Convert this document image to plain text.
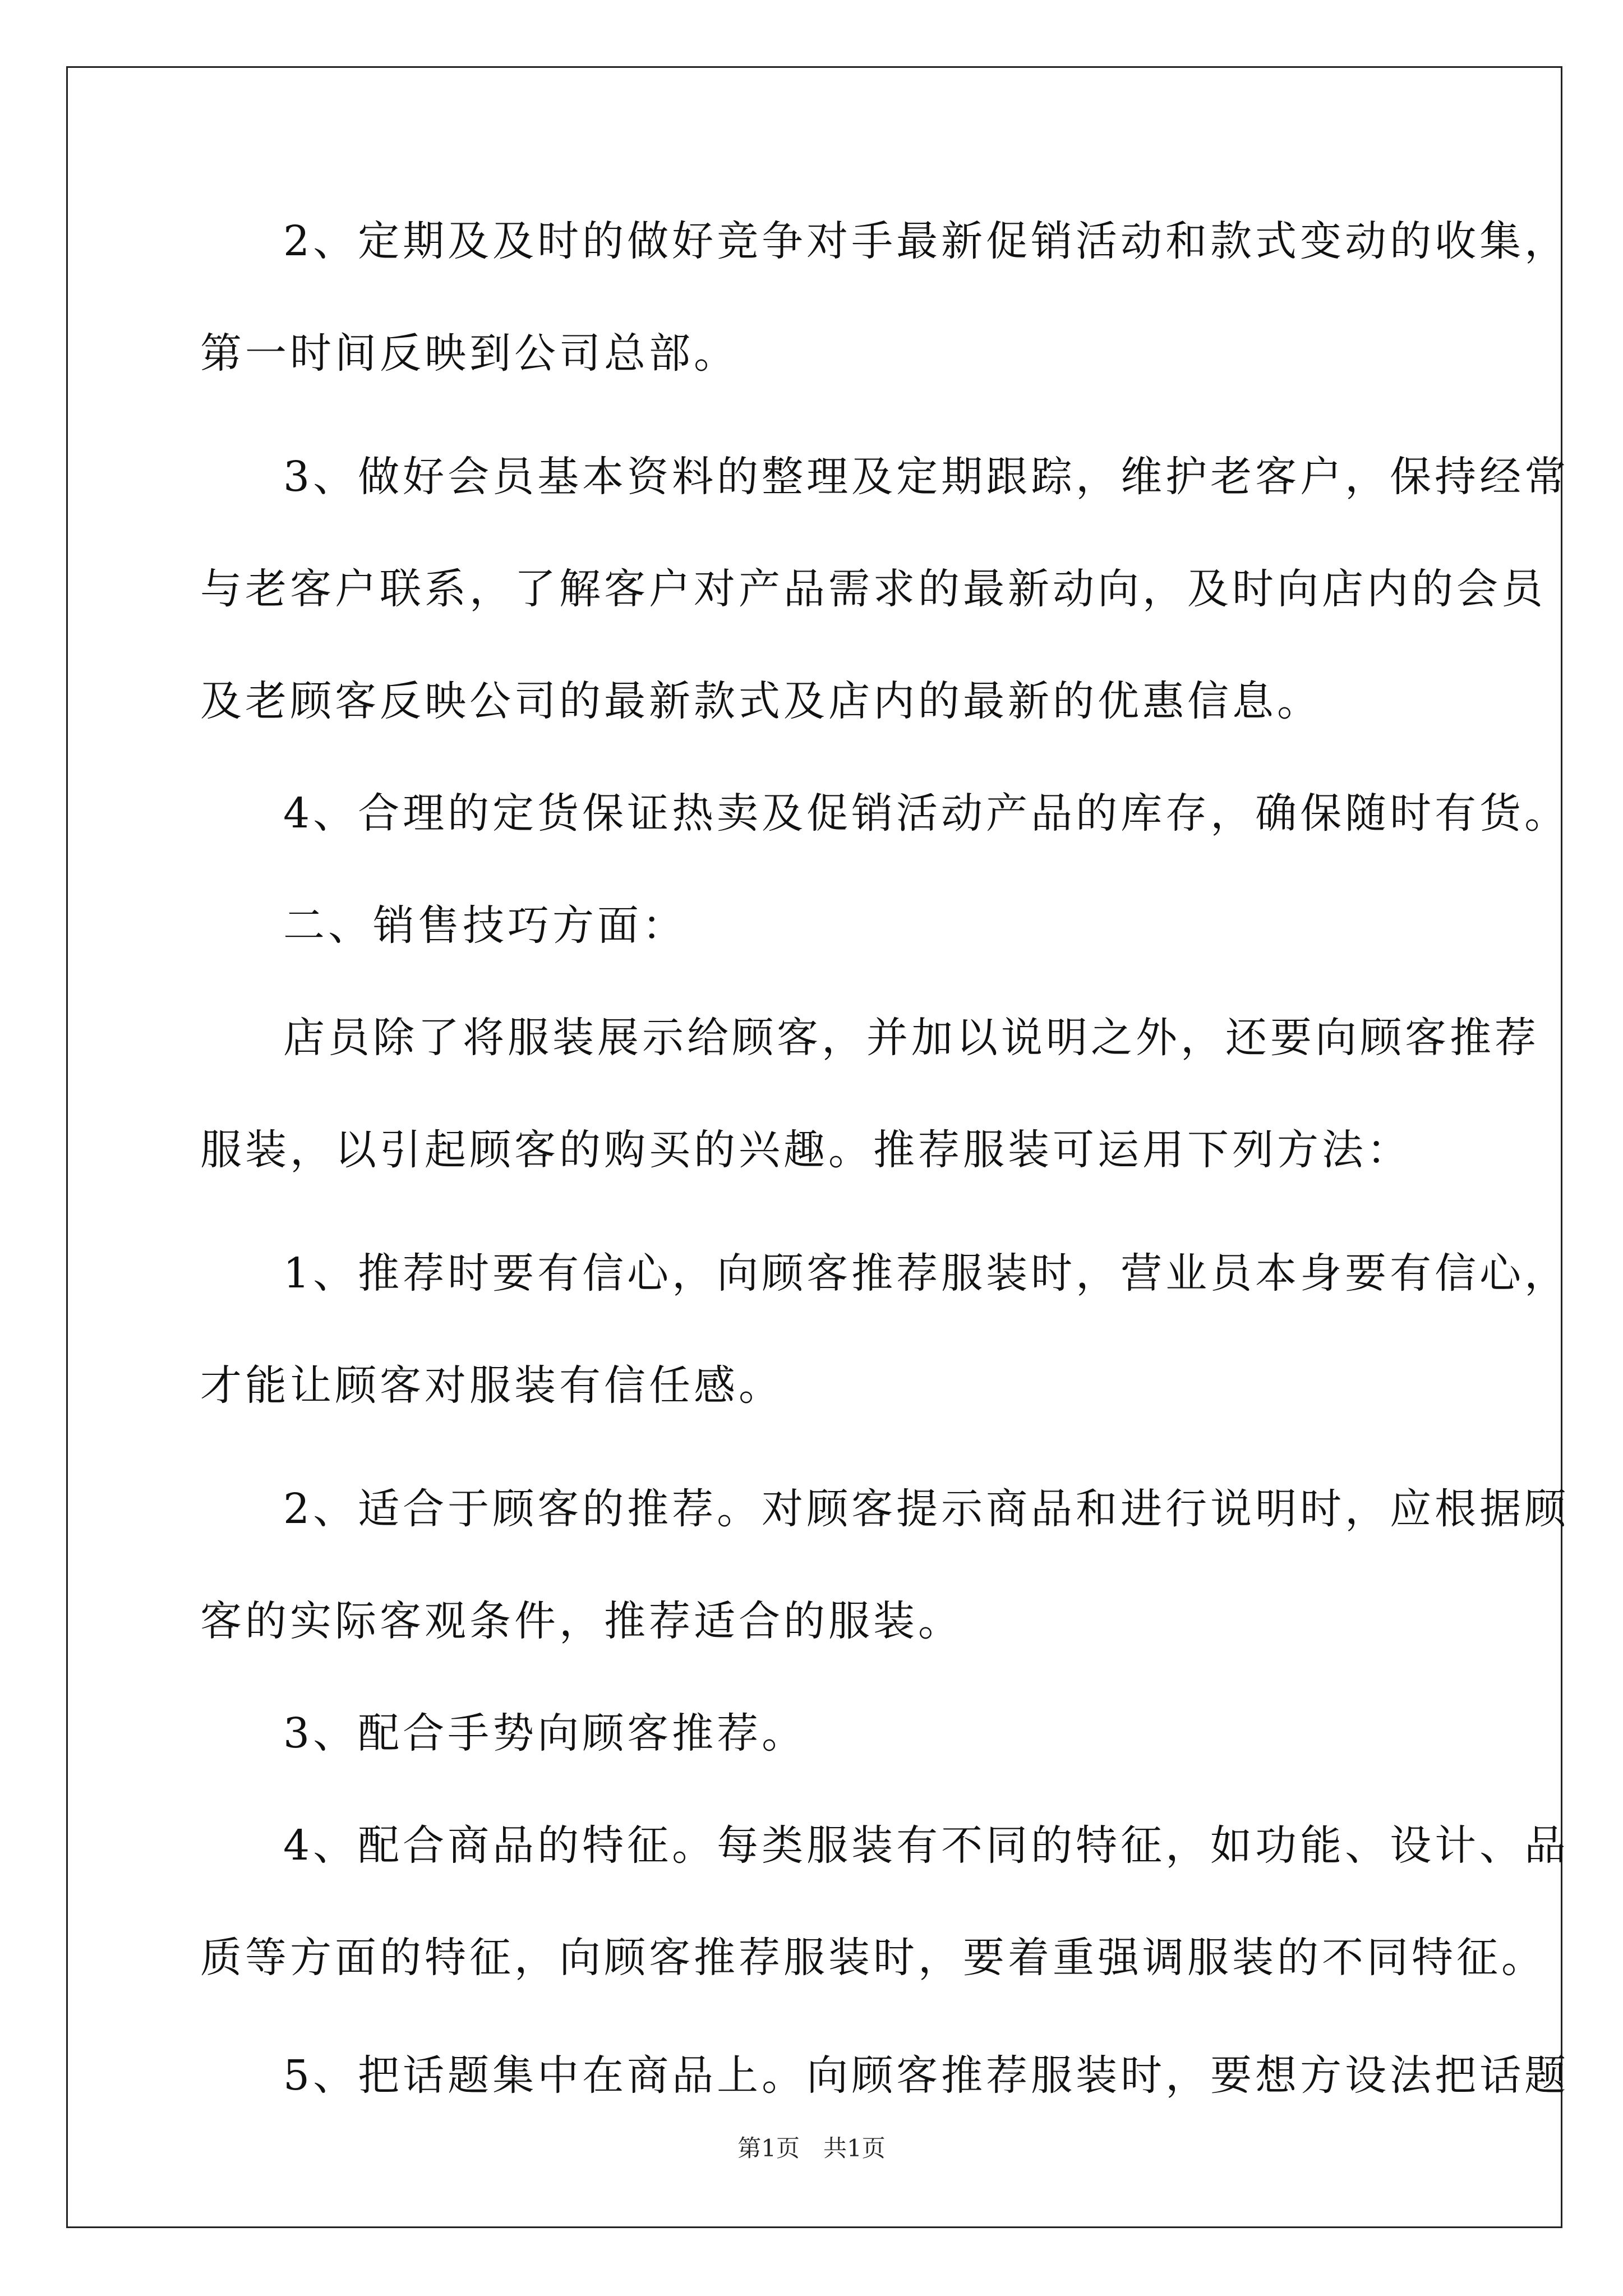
2、定期及及时的做好竞争对手最新促销活动和款式变动的收集，
第一时间反映到公司总部。
3、做好会员基本资料的整理及定期跟踪，维护老客户，保持经常
与老客户联系，了解客户对产品需求的最新动向，及时向店内的会员
及老顾客反映公司的最新款式及店内的最新的优惠信息。
4、合理的定货保证热卖及促销活动产品的库存，确保随时有货。
二、销售技巧方面：
店员除了将服装展示给顾客，并加以说明之外，还要向顾客推荐
服装，以引起顾客的购买的兴趣。推荐服装可运用下列方法：
1、推荐时要有信心，向顾客推荐服装时，营业员本身要有信心，
才能让顾客对服装有信任感。
2、适合于顾客的推荐。对顾客提示商品和进行说明时，应根据顾
客的实际客观条件，推荐适合的服装。
3、配合手势向顾客推荐。
4、配合商品的特征。每类服装有不同的特征，如功能、设计、品
质等方面的特征，向顾客推荐服装时，要着重强调服装的不同特征。
5、把话题集中在商品上。向顾客推荐服装时，要想方设法把话题
第1页　共1页
